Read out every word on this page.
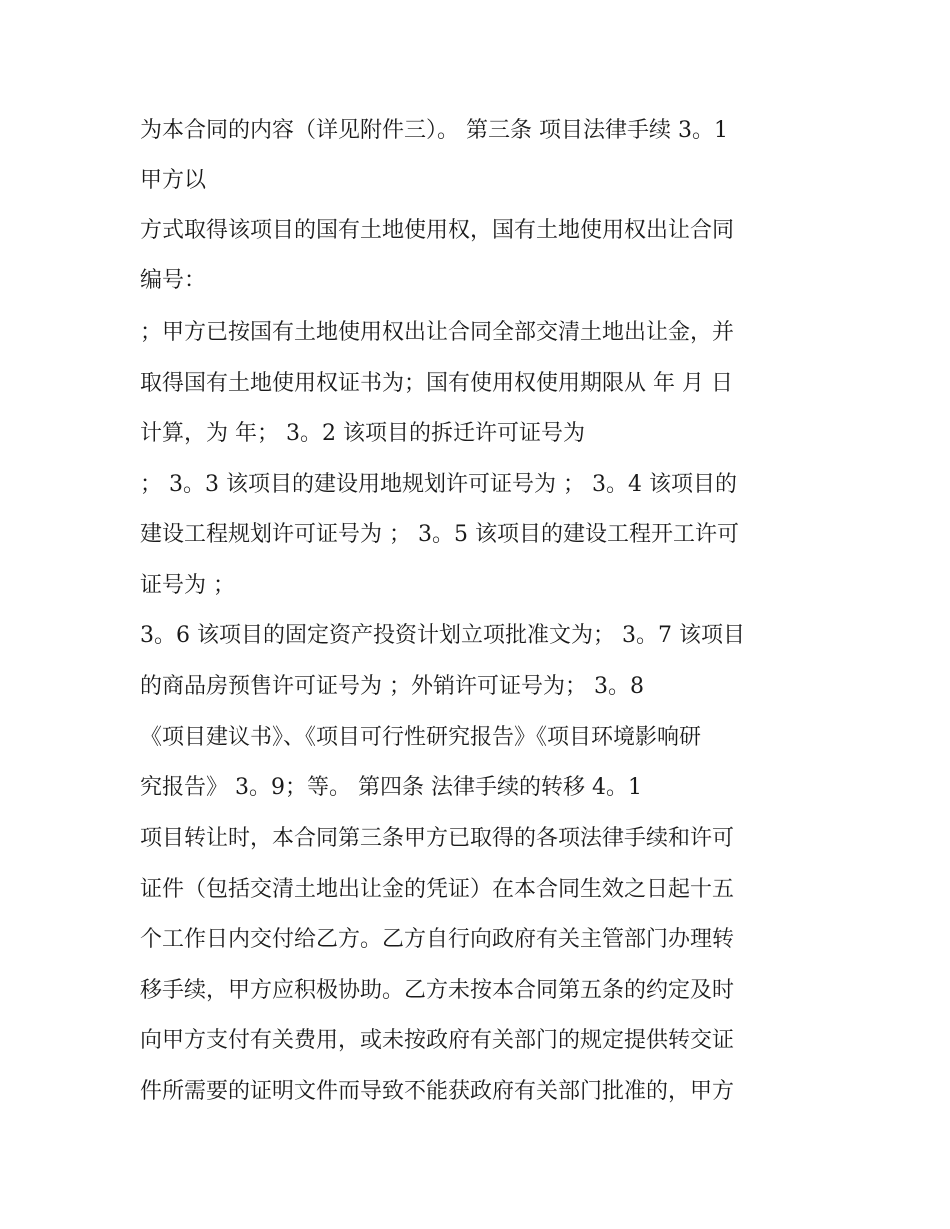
为本合同的内容（详见附件三）。 第三条 项目法律手续 3。1

甲方以

方式取得该项目的国有土地使用权，国有土地使用权出让合同

编号：

；甲方已按国有土地使用权出让合同全部交清土地出让金，并

取得国有土地使用权证书为；国有使用权使用期限从 年 月 日

计算，为 年； 3。2 该项目的拆迁许可证号为

； 3。3 该项目的建设用地规划许可证号为 ； 3。4 该项目的

建设工程规划许可证号为 ； 3。5 该项目的建设工程开工许可

证号为 ；

3。6 该项目的固定资产投资计划立项批准文为； 3。7 该项目

的商品房预售许可证号为 ；外销许可证号为； 3。8

《项目建议书》、《项目可行性研究报告》《项目环境影响研

究报告》 3。9；等。 第四条 法律手续的转移 4。1

项目转让时，本合同第三条甲方已取得的各项法律手续和许可

证件（包括交清土地出让金的凭证）在本合同生效之日起十五

个工作日内交付给乙方。乙方自行向政府有关主管部门办理转

移手续，甲方应积极协助。乙方未按本合同第五条的约定及时

向甲方支付有关费用，或未按政府有关部门的规定提供转交证

件所需要的证明文件而导致不能获政府有关部门批准的，甲方
